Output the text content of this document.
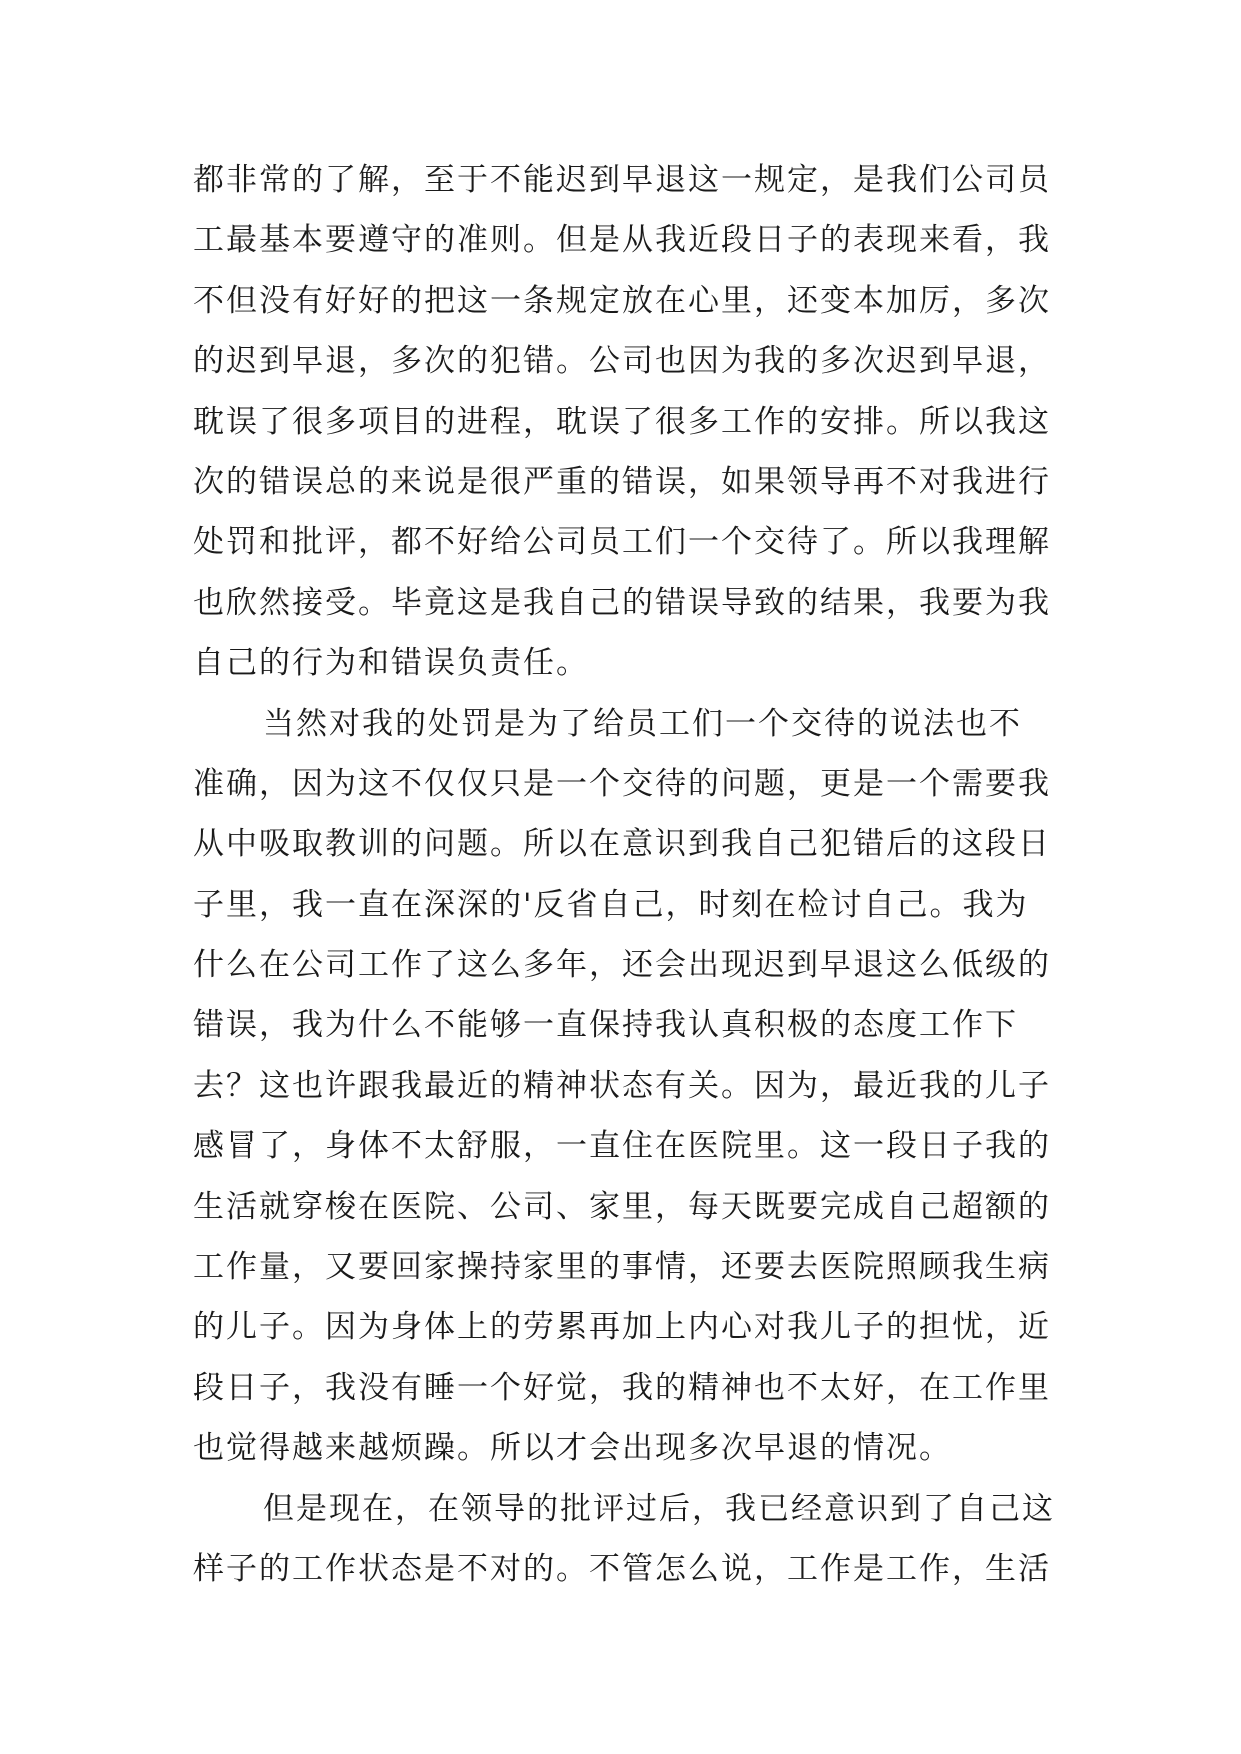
都非常的了解，至于不能迟到早退这一规定，是我们公司员
工最基本要遵守的准则。但是从我近段日子的表现来看，我
不但没有好好的把这一条规定放在心里，还变本加厉，多次
的迟到早退，多次的犯错。公司也因为我的多次迟到早退，
耽误了很多项目的进程，耽误了很多工作的安排。所以我这
次的错误总的来说是很严重的错误，如果领导再不对我进行
处罚和批评，都不好给公司员工们一个交待了。所以我理解
也欣然接受。毕竟这是我自己的错误导致的结果，我要为我
自己的行为和错误负责任。
当然对我的处罚是为了给员工们一个交待的说法也不
准确，因为这不仅仅只是一个交待的问题，更是一个需要我
从中吸取教训的问题。所以在意识到我自己犯错后的这段日
子里，我一直在深深的'反省自己，时刻在检讨自己。我为
什么在公司工作了这么多年，还会出现迟到早退这么低级的
错误，我为什么不能够一直保持我认真积极的态度工作下
去？这也许跟我最近的精神状态有关。因为，最近我的儿子
感冒了，身体不太舒服，一直住在医院里。这一段日子我的
生活就穿梭在医院、公司、家里，每天既要完成自己超额的
工作量，又要回家操持家里的事情，还要去医院照顾我生病
的儿子。因为身体上的劳累再加上内心对我儿子的担忧，近
段日子，我没有睡一个好觉，我的精神也不太好，在工作里
也觉得越来越烦躁。所以才会出现多次早退的情况。
但是现在，在领导的批评过后，我已经意识到了自己这
样子的工作状态是不对的。不管怎么说，工作是工作，生活
